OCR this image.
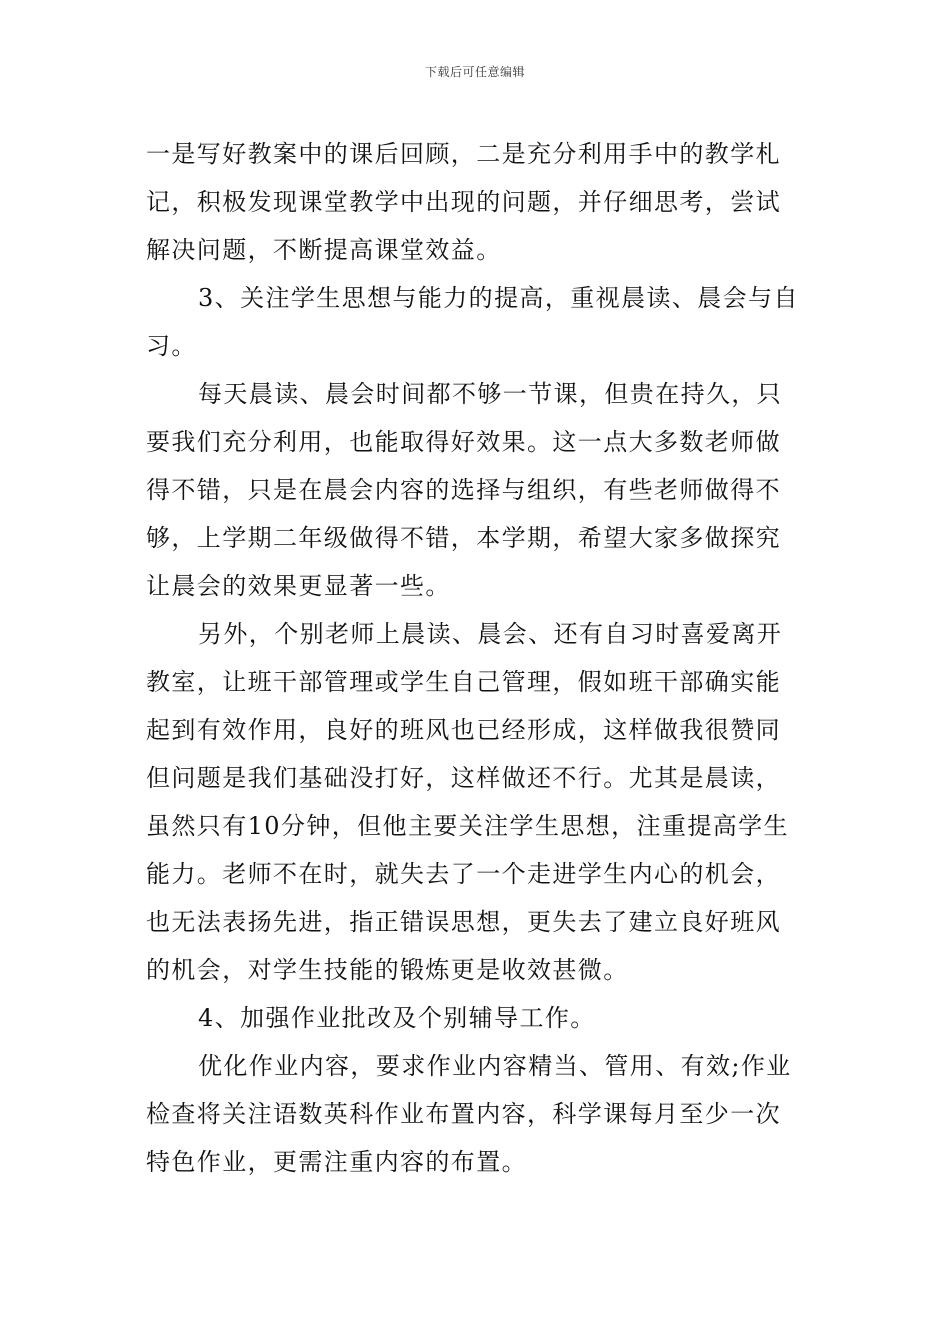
下载后可任意编辑

一是写好教案中的课后回顾，二是充分利用手中的教学札
记，积极发现课堂教学中出现的问题，并仔细思考，尝试
解决问题，不断提高课堂效益。

3、关注学生思想与能力的提高，重视晨读、晨会与自
习。

每天晨读、晨会时间都不够一节课，但贵在持久，只
要我们充分利用，也能取得好效果。这一点大多数老师做
得不错，只是在晨会内容的选择与组织，有些老师做得不
够，上学期二年级做得不错，本学期，希望大家多做探究
让晨会的效果更显著一些。

另外，个别老师上晨读、晨会、还有自习时喜爱离开
教室，让班干部管理或学生自己管理，假如班干部确实能
起到有效作用，良好的班风也已经形成，这样做我很赞同
但问题是我们基础没打好，这样做还不行。尤其是晨读，
虽然只有10分钟，但他主要关注学生思想，注重提高学生
能力。老师不在时，就失去了一个走进学生内心的机会，
也无法表扬先进，指正错误思想，更失去了建立良好班风
的机会，对学生技能的锻炼更是收效甚微。

4、加强作业批改及个别辅导工作。

优化作业内容，要求作业内容精当、管用、有效;作业
检查将关注语数英科作业布置内容，科学课每月至少一次
特色作业，更需注重内容的布置。
